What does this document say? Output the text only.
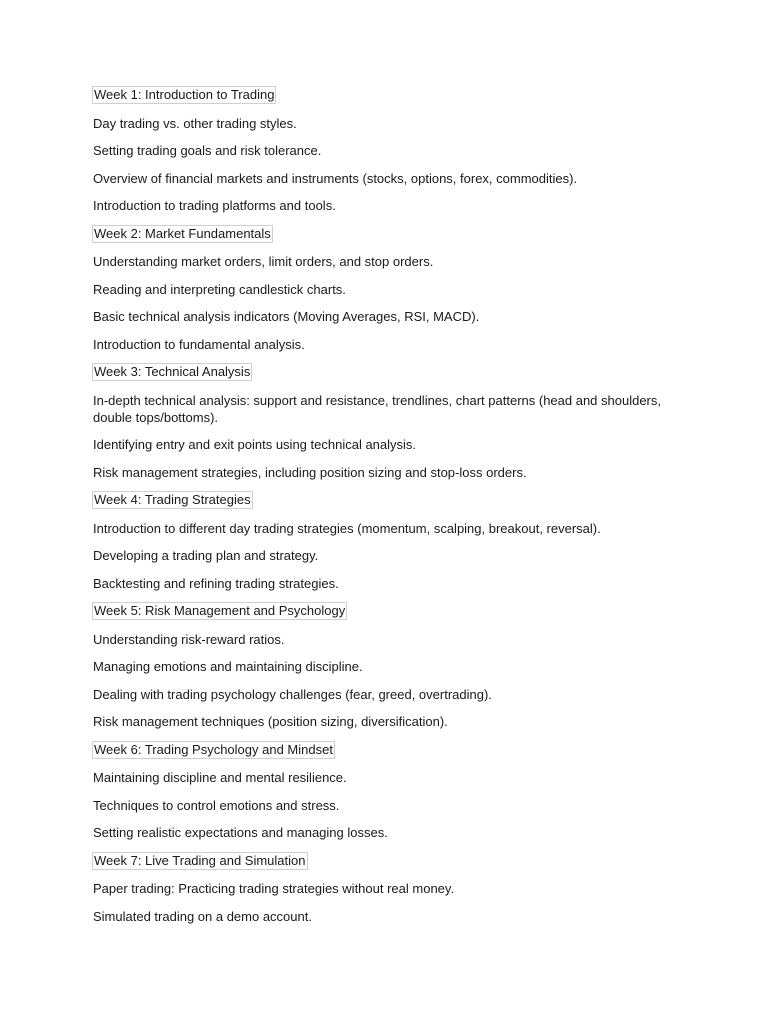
Week 1: Introduction to Trading

Day trading vs. other trading styles.

Setting trading goals and risk tolerance.

Overview of financial markets and instruments (stocks, options, forex, commodities).

Introduction to trading platforms and tools.

Week 2: Market Fundamentals

Understanding market orders, limit orders, and stop orders.

Reading and interpreting candlestick charts.

Basic technical analysis indicators (Moving Averages, RSI, MACD).

Introduction to fundamental analysis.

Week 3: Technical Analysis

In-depth technical analysis: support and resistance, trendlines, chart patterns (head and shoulders, double tops/bottoms).

Identifying entry and exit points using technical analysis.

Risk management strategies, including position sizing and stop-loss orders.

Week 4: Trading Strategies

Introduction to different day trading strategies (momentum, scalping, breakout, reversal).

Developing a trading plan and strategy.

Backtesting and refining trading strategies.

Week 5: Risk Management and Psychology

Understanding risk-reward ratios.

Managing emotions and maintaining discipline.

Dealing with trading psychology challenges (fear, greed, overtrading).

Risk management techniques (position sizing, diversification).

Week 6: Trading Psychology and Mindset

Maintaining discipline and mental resilience.

Techniques to control emotions and stress.

Setting realistic expectations and managing losses.

Week 7: Live Trading and Simulation

Paper trading: Practicing trading strategies without real money.

Simulated trading on a demo account.
